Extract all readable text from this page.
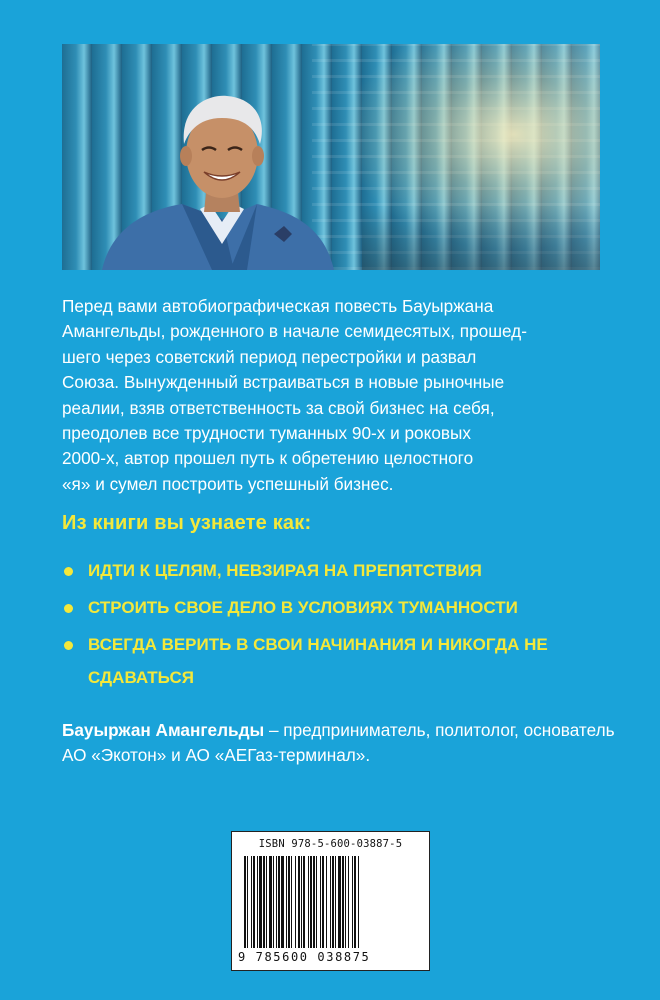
Перед вами автобиографическая повесть Бауыржана
Амангельды, рожденного в начале семидесятых, прошед-
шего через советский период перестройки и развал
Союза. Вынужденный встраиваться в новые рыночные
реалии, взяв ответственность за свой бизнес на себя,
преодолев все трудности туманных 90-х и роковых
2000-х, автор прошел путь к обретению целостного
«я» и сумел построить успешный бизнес.

Из книги вы узнаете как:
ИДТИ К ЦЕЛЯМ, НЕВЗИРАЯ НА ПРЕПЯТСТВИЯ
СТРОИТЬ СВОЕ ДЕЛО В УСЛОВИЯХ ТУМАННОСТИ
ВСЕГДА ВЕРИТЬ В СВОИ НАЧИНАНИЯ И НИКОГДА НЕ СДАВАТЬСЯ

Бауыржан Амангельды – предприниматель, политолог, основатель АО «Экотон» и АО «АЕГаз-терминал».

ISBN 978-5-600-03887-5
9 785600 038875
